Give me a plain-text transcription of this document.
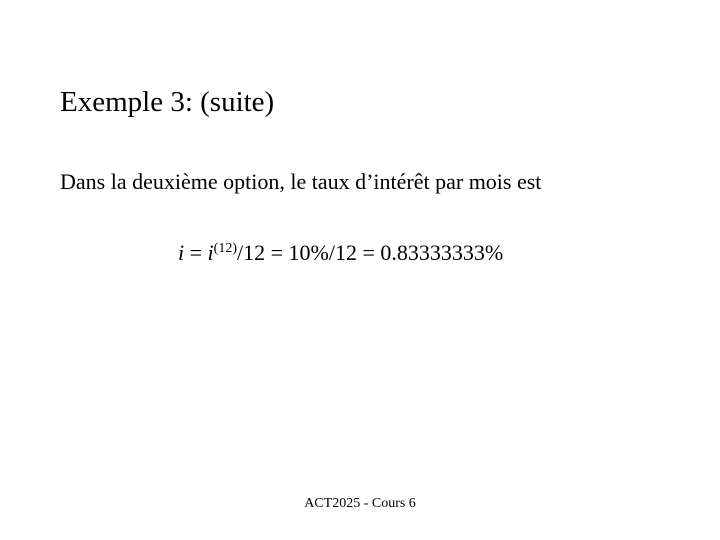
Exemple 3: (suite)
Dans la deuxième option, le taux d’intérêt par mois est
$i = i^{(12)}/12 = 10\%/12 = 0.83333333\%$
ACT2025 - Cours 6
